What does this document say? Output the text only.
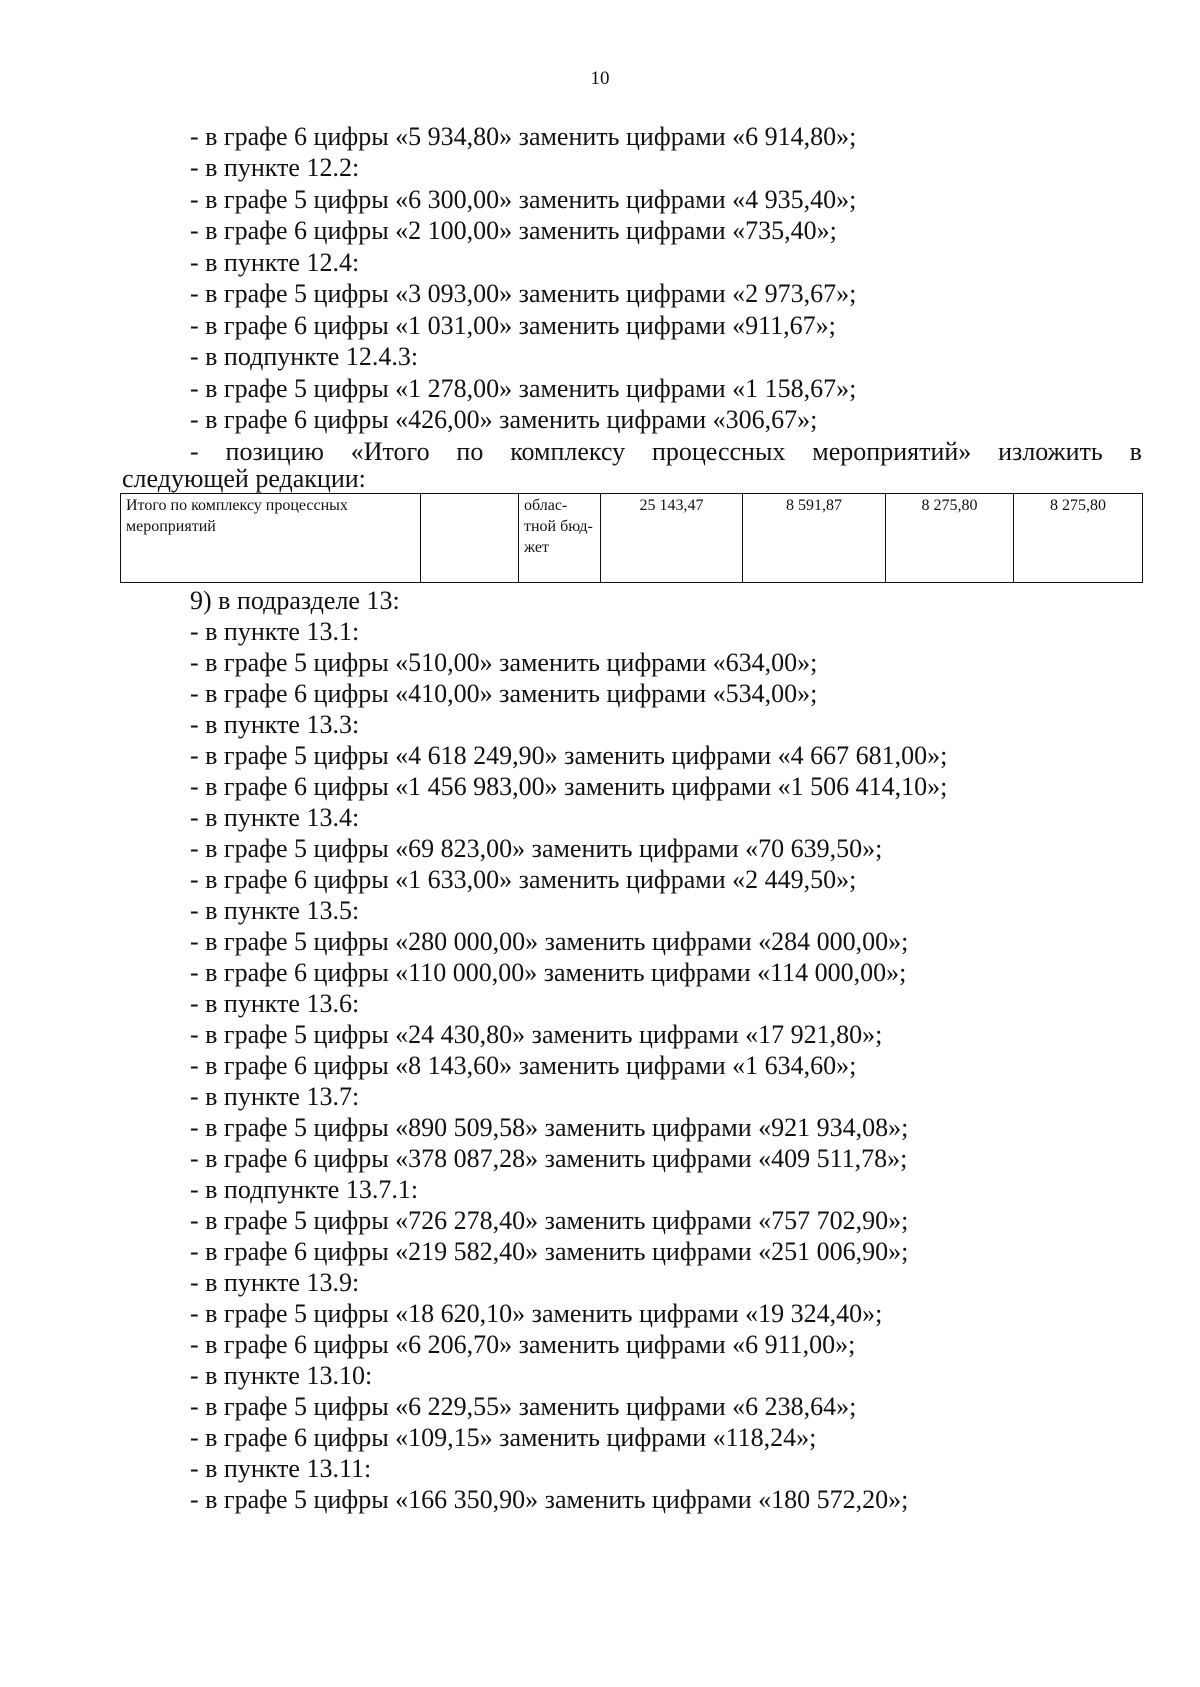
10
- в графе 6 цифры «5 934,80» заменить цифрами «6 914,80»;
- в пункте 12.2:
- в графе 5 цифры «6 300,00» заменить цифрами «4 935,40»;
- в графе 6 цифры «2 100,00» заменить цифрами «735,40»;
- в пункте 12.4:
- в графе 5 цифры «3 093,00» заменить цифрами «2 973,67»;
- в графе 6 цифры «1 031,00» заменить цифрами «911,67»;
- в подпункте 12.4.3:
- в графе 5 цифры «1 278,00» заменить цифрами «1 158,67»;
- в графе 6 цифры «426,00» заменить цифрами «306,67»;
- позицию «Итого по комплексу процессных мероприятий» изложить в
следующей редакции:
Итого по комплексу процессных мероприятий		облас-тной бюд-жет	25 143,47	8 591,87	8 275,80	8 275,80
9) в подразделе 13:
- в пункте 13.1:
- в графе 5 цифры «510,00» заменить цифрами «634,00»;
- в графе 6 цифры «410,00» заменить цифрами «534,00»;
- в пункте 13.3:
- в графе 5 цифры «4 618 249,90» заменить цифрами «4 667 681,00»;
- в графе 6 цифры «1 456 983,00» заменить цифрами «1 506 414,10»;
- в пункте 13.4:
- в графе 5 цифры «69 823,00» заменить цифрами «70 639,50»;
- в графе 6 цифры «1 633,00» заменить цифрами «2 449,50»;
- в пункте 13.5:
- в графе 5 цифры «280 000,00» заменить цифрами «284 000,00»;
- в графе 6 цифры «110 000,00» заменить цифрами «114 000,00»;
- в пункте 13.6:
- в графе 5 цифры «24 430,80» заменить цифрами «17 921,80»;
- в графе 6 цифры «8 143,60» заменить цифрами «1 634,60»;
- в пункте 13.7:
- в графе 5 цифры «890 509,58» заменить цифрами «921 934,08»;
- в графе 6 цифры «378 087,28» заменить цифрами «409 511,78»;
- в подпункте 13.7.1:
- в графе 5 цифры «726 278,40» заменить цифрами «757 702,90»;
- в графе 6 цифры «219 582,40» заменить цифрами «251 006,90»;
- в пункте 13.9:
- в графе 5 цифры «18 620,10» заменить цифрами «19 324,40»;
- в графе 6 цифры «6 206,70» заменить цифрами «6 911,00»;
- в пункте 13.10:
- в графе 5 цифры «6 229,55» заменить цифрами «6 238,64»;
- в графе 6 цифры «109,15» заменить цифрами «118,24»;
- в пункте 13.11:
- в графе 5 цифры «166 350,90» заменить цифрами «180 572,20»;
